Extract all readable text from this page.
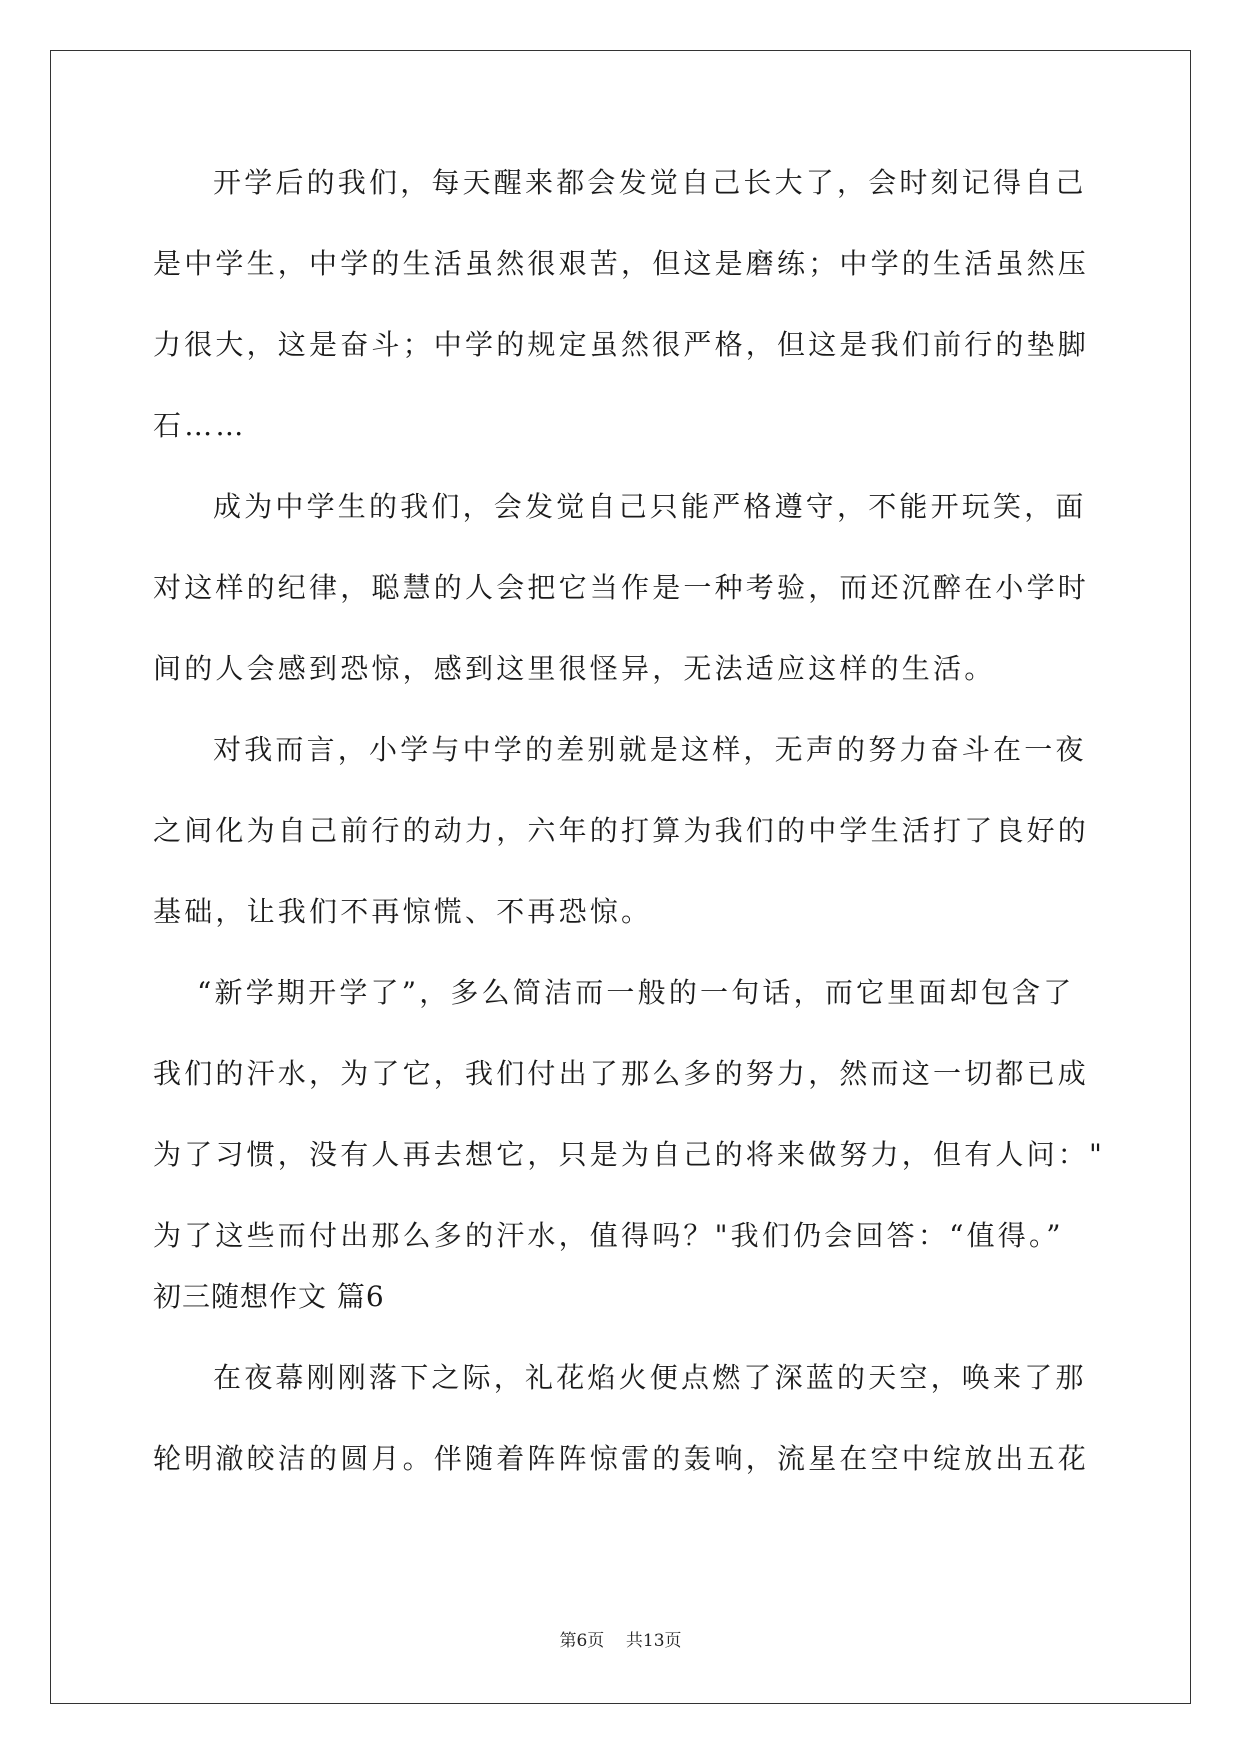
开学后的我们，每天醒来都会发觉自己长大了，会时刻记得自己
是中学生，中学的生活虽然很艰苦，但这是磨练；中学的生活虽然压
力很大，这是奋斗；中学的规定虽然很严格，但这是我们前行的垫脚
石……
成为中学生的我们，会发觉自己只能严格遵守，不能开玩笑，面
对这样的纪律，聪慧的人会把它当作是一种考验，而还沉醉在小学时
间的人会感到恐惊，感到这里很怪异，无法适应这样的生活。
对我而言，小学与中学的差别就是这样，无声的努力奋斗在一夜
之间化为自己前行的动力，六年的打算为我们的中学生活打了良好的
基础，让我们不再惊慌、不再恐惊。
“新学期开学了”，多么简洁而一般的一句话，而它里面却包含了
我们的汗水，为了它，我们付出了那么多的努力，然而这一切都已成
为了习惯，没有人再去想它，只是为自己的将来做努力，但有人问："
为了这些而付出那么多的汗水，值得吗？"我们仍会回答：“值得。”
初三随想作文 篇6
在夜幕刚刚落下之际，礼花焰火便点燃了深蓝的天空，唤来了那
轮明澈皎洁的圆月。伴随着阵阵惊雷的轰响，流星在空中绽放出五花
第6页    共13页
